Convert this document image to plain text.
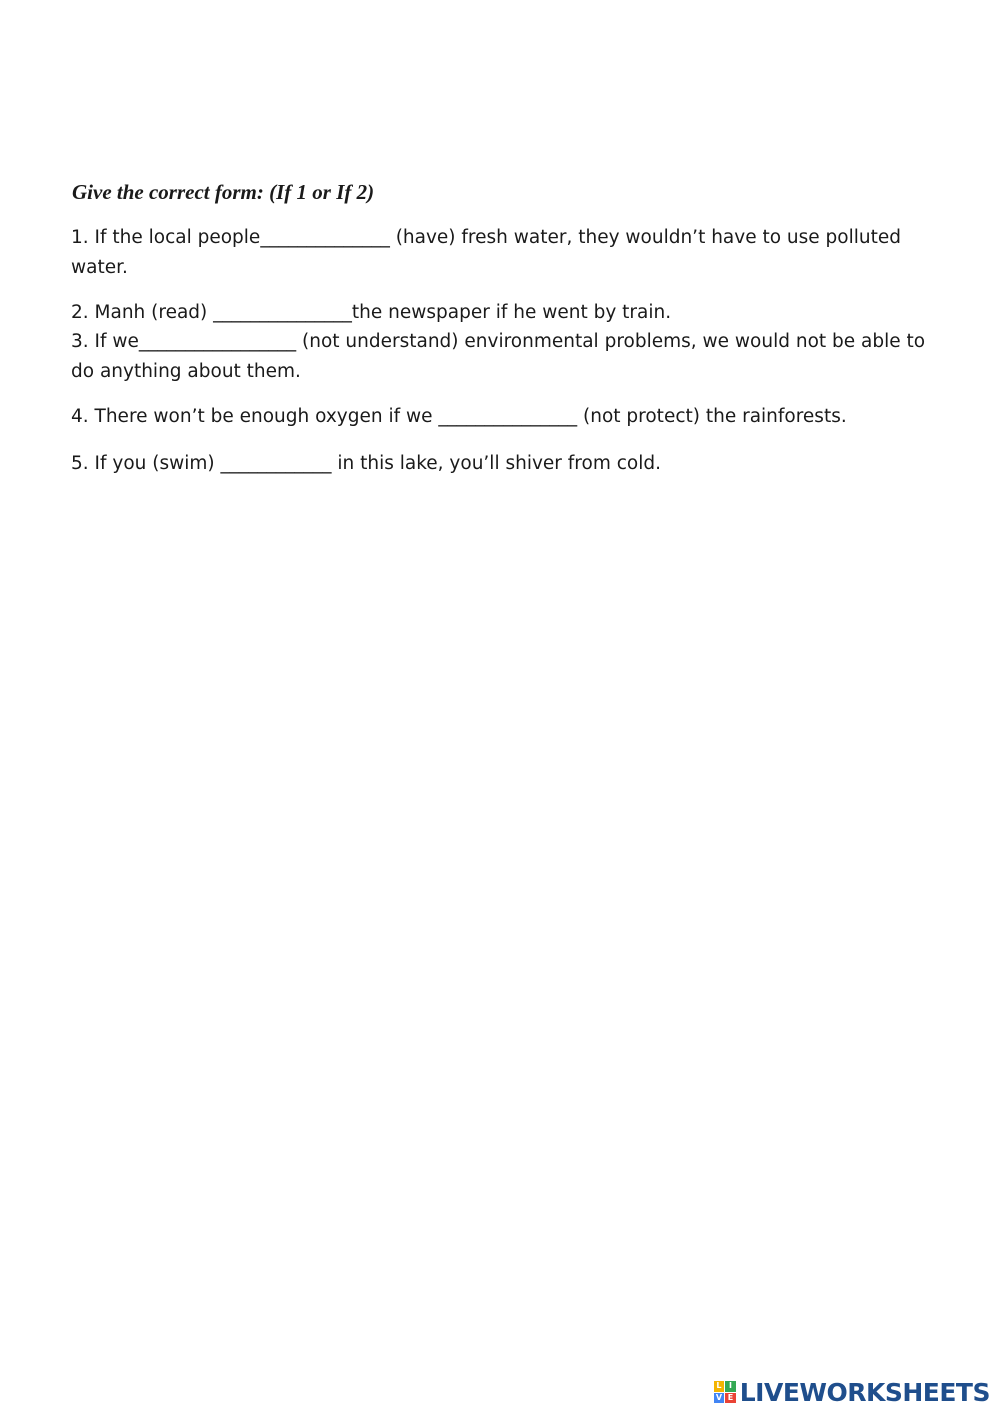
Give the correct form: (If 1 or If 2)
1. If the local people______________ (have) fresh water, they wouldn’t have to use polluted water.
2. Manh (read) _______________the newspaper if he went by train.
3. If we_________________ (not understand) environmental problems, we would not be able to do anything about them.
4. There won’t be enough oxygen if we _______________ (not protect) the rainforests.
5. If you (swim) ____________ in this lake, you’ll shiver from cold.
L I
V E LIVEWORKSHEETS
